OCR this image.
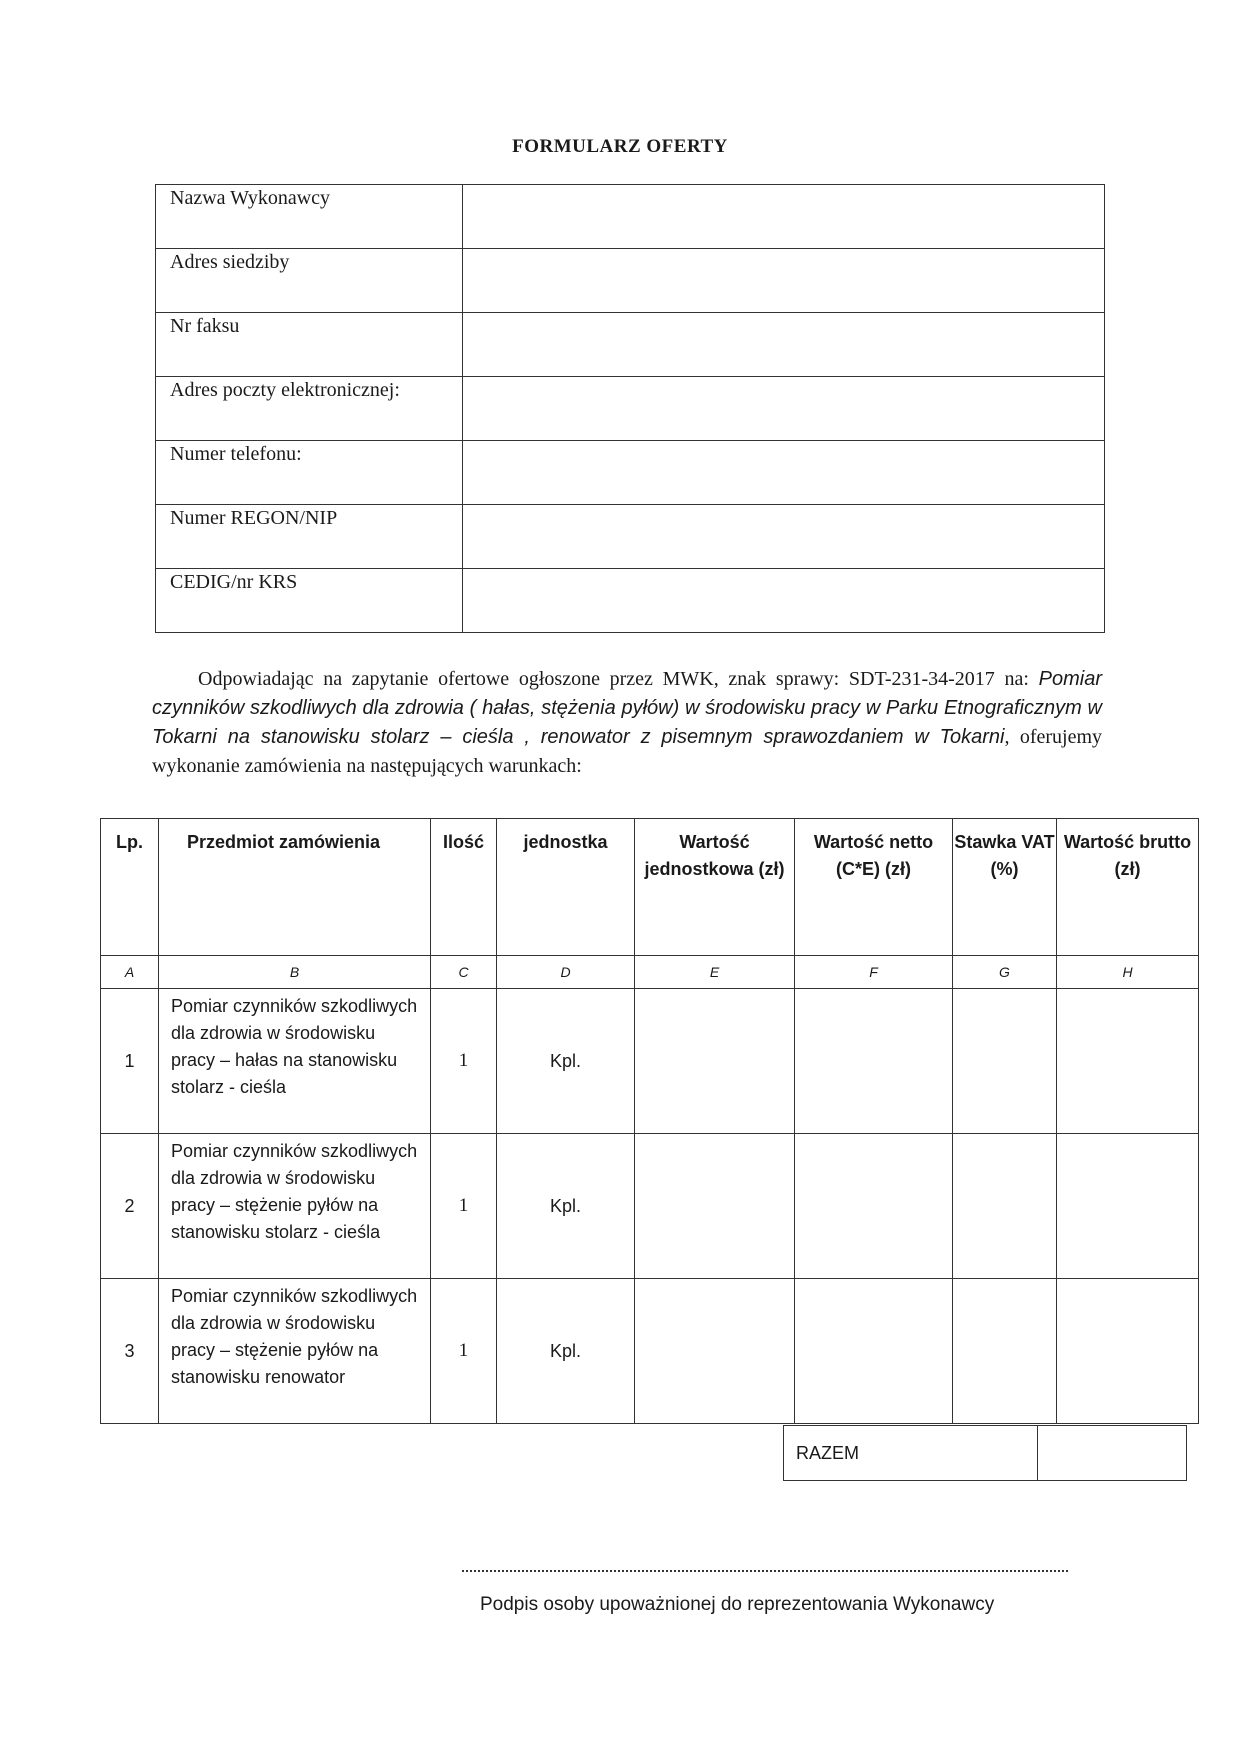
FORMULARZ OFERTY
Nazwa Wykonawcy	
Adres siedziby	
Nr faksu	
Adres poczty elektronicznej:	
Numer telefonu:	
Numer REGON/NIP	
CEDIG/nr KRS	
Odpowiadając na zapytanie ofertowe ogłoszone przez MWK, znak sprawy: SDT-231-34-2017 na: Pomiar czynników szkodliwych dla zdrowia ( hałas, stężenia pyłów) w środowisku pracy w Parku Etnograficznym w Tokarni na stanowisku stolarz – cieśla , renowator z pisemnym sprawozdaniem w Tokarni, oferujemy wykonanie zamówienia na następujących warunkach:
Lp.	Przedmiot zamówienia	Ilość	jednostka	Wartość jednostkowa (zł)	Wartość netto (C*E) (zł)	Stawka VAT (%)	Wartość brutto (zł)
A	B	C	D	E	F	G	H
1	Pomiar czynników szkodliwych dla zdrowia w środowisku pracy – hałas na stanowisku stolarz - cieśla	1	Kpl.				
2	Pomiar czynników szkodliwych dla zdrowia w środowisku pracy – stężenie pyłów na stanowisku stolarz - cieśla	1	Kpl.				
3	Pomiar czynników szkodliwych dla zdrowia w środowisku pracy – stężenie pyłów na stanowisku renowator	1	Kpl.				
RAZEM	
Podpis osoby upoważnionej do reprezentowania Wykonawcy
